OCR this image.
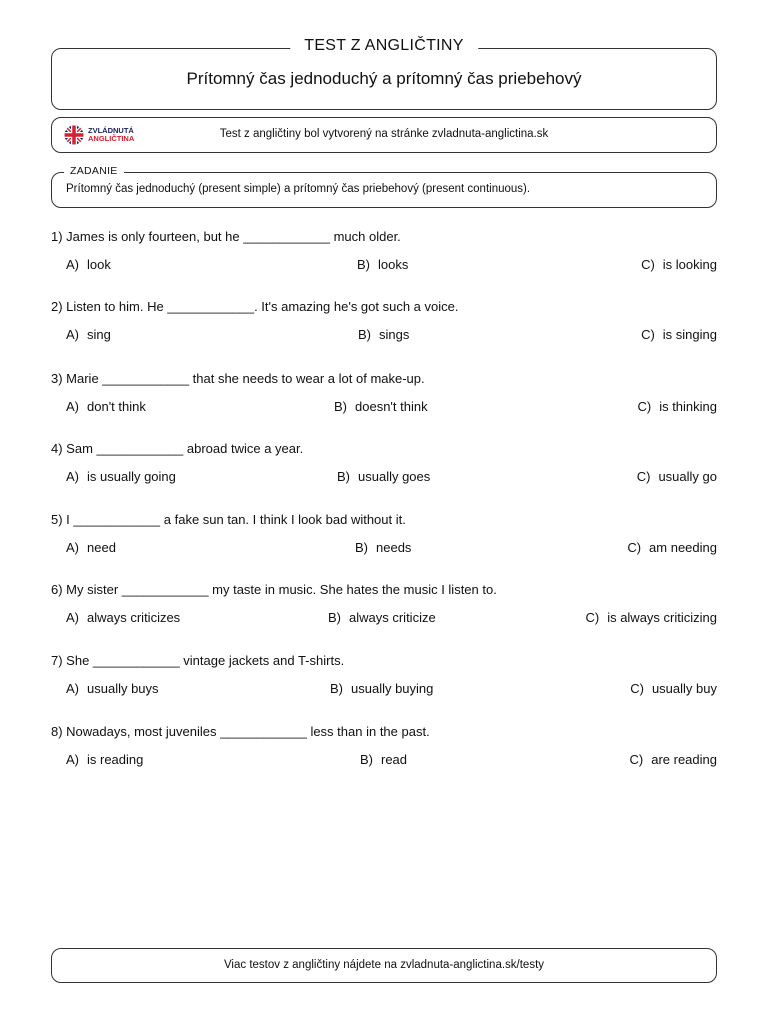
TEST Z ANGLIČTINY
Prítomný čas jednoduchý a prítomný čas priebehový
ZVLÁDNUTÁ
ANGLIČTINA	Test z angličtiny bol vytvorený na stránke zvladnuta-anglictina.sk
ZADANIE
Prítomný čas jednoduchý (present simple) a prítomný čas priebehový (present continuous).
1) James is only fourteen, but he ____________ much older.
A) look	B) looks	C) is looking
2) Listen to him. He ____________. It's amazing he's got such a voice.
A) sing	B) sings	C) is singing
3) Marie ____________ that she needs to wear a lot of make-up.
A) don't think	B) doesn't think	C) is thinking
4) Sam ____________ abroad twice a year.
A) is usually going	B) usually goes	C) usually go
5) I ____________ a fake sun tan. I think I look bad without it.
A) need	B) needs	C) am needing
6) My sister ____________ my taste in music. She hates the music I listen to.
A) always criticizes	B) always criticize	C) is always criticizing
7) She ____________ vintage jackets and T-shirts.
A) usually buys	B) usually buying	C) usually buy
8) Nowadays, most juveniles ____________ less than in the past.
A) is reading	B) read	C) are reading
Viac testov z angličtiny nájdete na zvladnuta-anglictina.sk/testy
